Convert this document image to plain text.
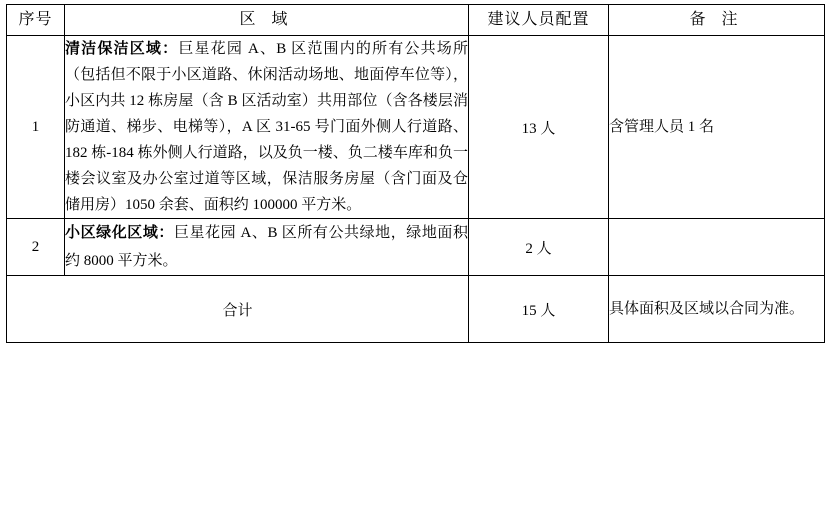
序号	区 域	建议人员配置	备 注
1	清洁保洁区域：巨星花园 A、B 区范围内的所有公共场所（包括但不限于小区道路、休闲活动场地、地面停车位等），小区内共 12 栋房屋（含 B 区活动室）共用部位（含各楼层消防通道、梯步、电梯等），A 区 31-65 号门面外侧人行道路、182 栋-184 栋外侧人行道路，以及负一楼、负二楼车库和负一楼会议室及办公室过道等区域，保洁服务房屋（含门面及仓储用房）1050 余套、面积约 100000 平方米。	13 人	含管理人员 1 名
2	小区绿化区域：巨星花园 A、B 区所有公共绿地，绿地面积约 8000 平方米。	2 人	
合计		15 人	具体面积及区域以合同为准。
